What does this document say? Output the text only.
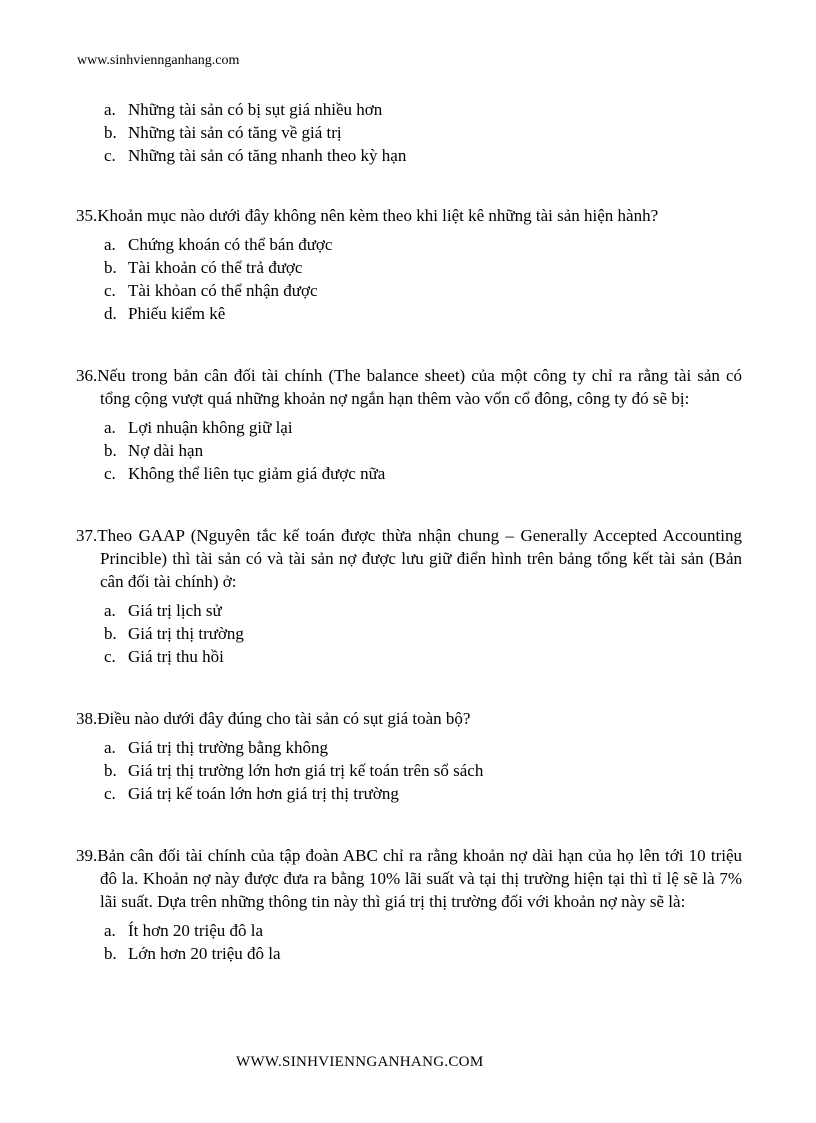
www.sinhviennganhang.com
a. Những tài sản có bị sụt giá nhiều hơn
b. Những tài sản có tăng về giá trị
c. Những tài sản có tăng nhanh theo kỳ hạn

35.Khoản mục nào dưới đây không nên kèm theo khi liệt kê những tài sản hiện hành?

a. Chứng khoán có thể bán được
b. Tài khoản có thể trả được
c. Tài khỏan có thể nhận được
d. Phiếu kiểm kê

36.Nếu trong bản cân đối tài chính (The balance sheet) của một công ty chỉ ra rằng tài sản có tổng cộng vượt quá những khoản nợ ngắn hạn thêm vào vốn cổ đông, công ty đó sẽ bị:

a. Lợi nhuận không giữ lại
b. Nợ dài hạn
c. Không thể liên tục giảm giá được nữa

37.Theo GAAP (Nguyên tắc kế toán được thừa nhận chung – Generally Accepted Accounting Princible) thì tài sản có và tài sản nợ được lưu giữ điển hình trên bảng tổng kết tài sản (Bản cân đối tài chính) ở:

a. Giá trị lịch sử
b. Giá trị thị trường
c. Giá trị thu hồi

38.Điều nào dưới đây đúng cho tài sản có sụt giá toàn bộ?

a. Giá trị thị trường bằng không
b. Giá trị thị trường lớn hơn giá trị kế toán trên sổ sách
c. Giá trị kế toán lớn hơn giá trị thị trường

39.Bản cân đối tài chính của tập đoàn ABC chỉ ra rằng khoản nợ dài hạn của họ lên tới 10 triệu đô la. Khoản nợ này được đưa ra bằng 10% lãi suất và tại thị trường hiện tại thì tỉ lệ sẽ là 7% lãi suất. Dựa trên những thông tin này thì giá trị thị trường đối với khoản nợ này sẽ là:

a. Ít hơn 20 triệu đô la
b. Lớn hơn 20 triệu đô la
WWW.SINHVIENNGANHANG.COM
